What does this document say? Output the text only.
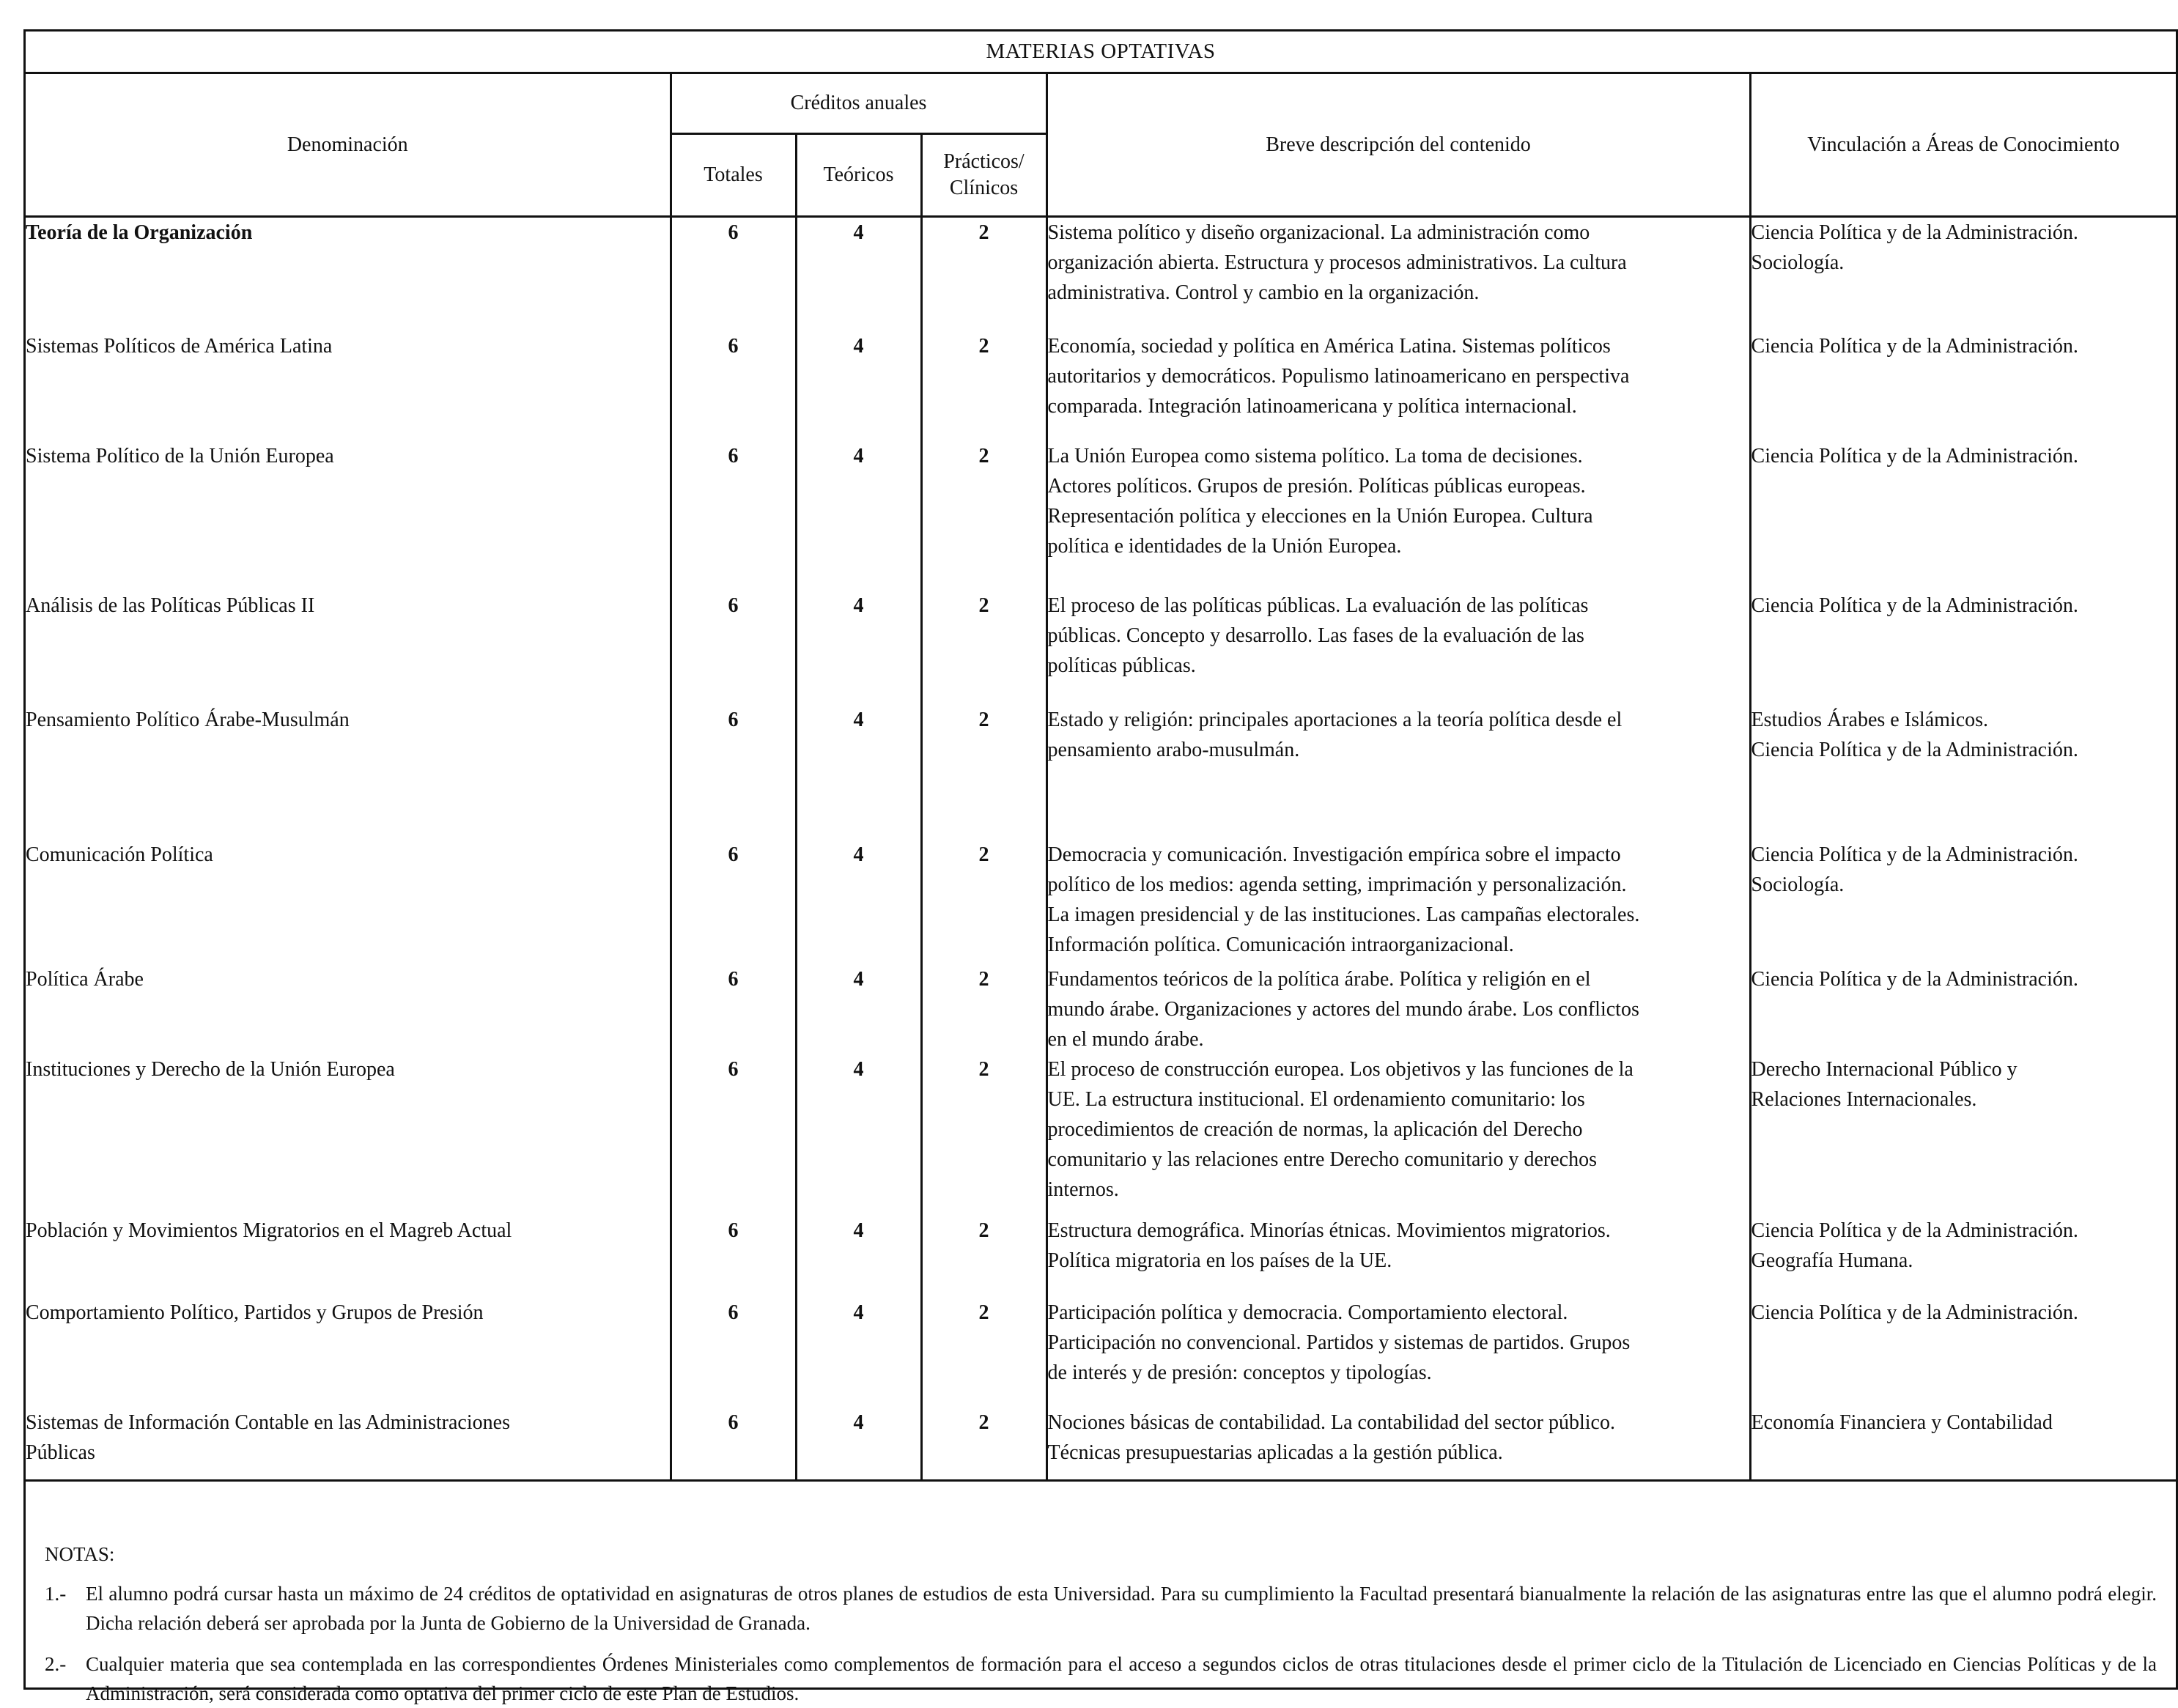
MATERIAS OPTATIVAS
Denominación	Créditos anuales			Breve descripción del contenido	Vinculación a Áreas de Conocimiento
	Totales	Teóricos	Prácticos/
Clínicos		

Teoría de la Organización	6	4	2	Sistema político y diseño organizacional. La administración como
organización abierta. Estructura y procesos administrativos. La cultura
administrativa. Control y cambio en la organización.	Ciencia Política y de la Administración.
Sociología.

Sistemas Políticos de América Latina	6	4	2	Economía, sociedad y política en América Latina. Sistemas políticos
autoritarios y democráticos. Populismo latinoamericano en perspectiva
comparada. Integración latinoamericana y política internacional.	Ciencia Política y de la Administración.

Sistema Político de la Unión Europea	6	4	2	La Unión Europea como sistema político. La toma de decisiones.
Actores políticos. Grupos de presión. Políticas públicas europeas.
Representación política y elecciones en la Unión Europea. Cultura
política e identidades de la Unión Europea.	Ciencia Política y de la Administración.

Análisis de las Políticas Públicas II	6	4	2	El proceso de las políticas públicas. La evaluación de las políticas
públicas. Concepto y desarrollo. Las fases de la evaluación de las
políticas públicas.	Ciencia Política y de la Administración.

Pensamiento Político Árabe-Musulmán	6	4	2	Estado y religión: principales aportaciones a la teoría política desde el
pensamiento arabo-musulmán.	Estudios Árabes e Islámicos.
Ciencia Política y de la Administración.

Comunicación Política	6	4	2	Democracia y comunicación. Investigación empírica sobre el impacto
político de los medios: agenda setting, imprimación y personalización.
La imagen presidencial y de las instituciones. Las campañas electorales.
Información política. Comunicación intraorganizacional.	Ciencia Política y de la Administración.
Sociología.

Política Árabe	6	4	2	Fundamentos teóricos de la política árabe. Política y religión en el
mundo árabe. Organizaciones y actores del mundo árabe. Los conflictos
en el mundo árabe.	Ciencia Política y de la Administración.

Instituciones y Derecho de la Unión Europea	6	4	2	El proceso de construcción europea. Los objetivos y las funciones de la
UE. La estructura institucional. El ordenamiento comunitario: los
procedimientos de creación de normas, la aplicación del Derecho
comunitario y las relaciones entre Derecho comunitario y derechos
internos.	Derecho Internacional Público y
Relaciones Internacionales.

Población y Movimientos Migratorios en el Magreb Actual	6	4	2	Estructura demográfica. Minorías étnicas. Movimientos migratorios.
Política migratoria en los países de la UE.	Ciencia Política y de la Administración.
Geografía Humana.

Comportamiento Político, Partidos y Grupos de Presión	6	4	2	Participación política y democracia. Comportamiento electoral.
Participación no convencional. Partidos y sistemas de partidos. Grupos
de interés y de presión: conceptos y tipologías.	Ciencia Política y de la Administración.

Sistemas de Información Contable en las Administraciones
Públicas	6	4	2	Nociones básicas de contabilidad. La contabilidad del sector público.
Técnicas presupuestarias aplicadas a la gestión pública.	Economía Financiera y Contabilidad
NOTAS:
1.- El alumno podrá cursar hasta un máximo de 24 créditos de optatividad en asignaturas de otros planes de estudios de esta Universidad. Para su cumplimiento la Facultad presentará bianualmente la relación de las asignaturas entre las que el alumno podrá elegir. Dicha relación deberá ser aprobada por la Junta de Gobierno de la Universidad de Granada.
2.- Cualquier materia que sea contemplada en las correspondientes Órdenes Ministeriales como complementos de formación para el acceso a segundos ciclos de otras titulaciones desde el primer ciclo de la Titulación de Licenciado en Ciencias Políticas y de la Administración, será considerada como optativa del primer ciclo de este Plan de Estudios.
